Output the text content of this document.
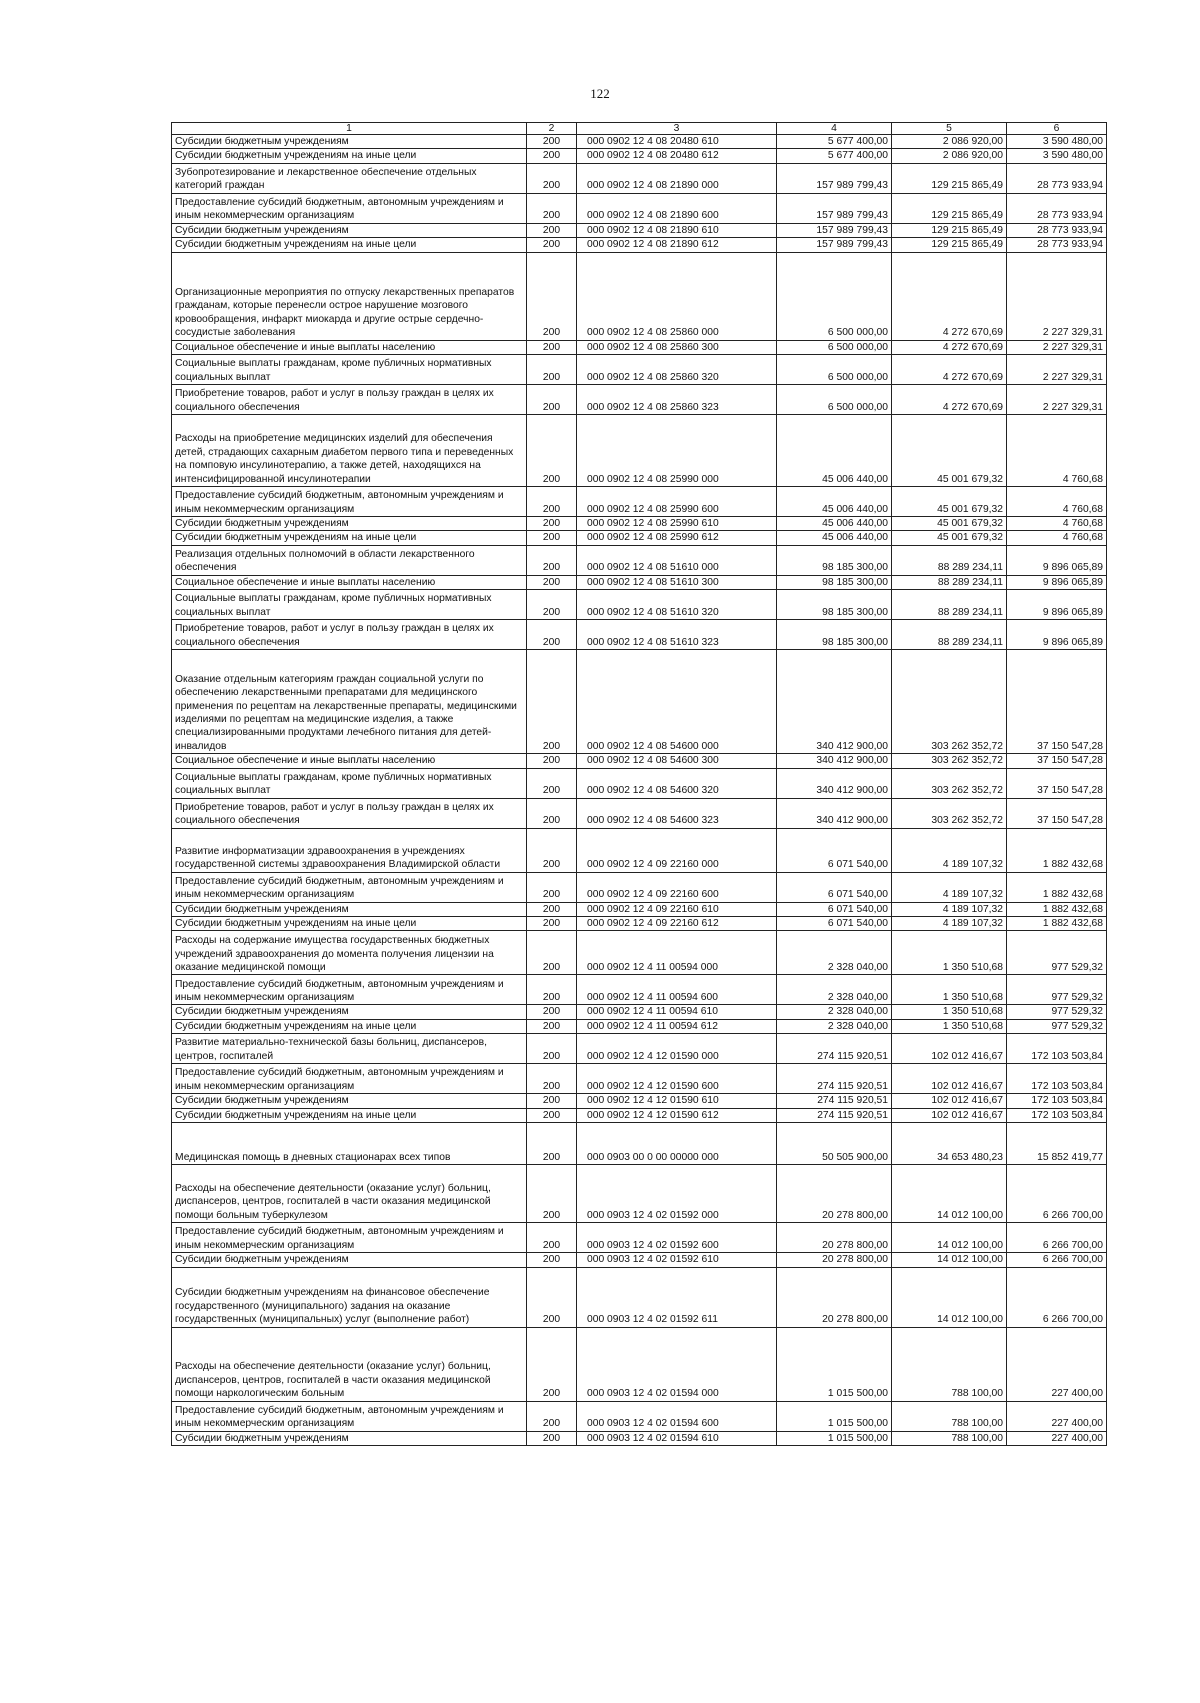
122
1	2	3	4	5	6
Субсидии бюджетным учреждениям	200	000 0902 12 4 08 20480 610	5 677 400,00	2 086 920,00	3 590 480,00
Субсидии бюджетным учреждениям на иные цели	200	000 0902 12 4 08 20480 612	5 677 400,00	2 086 920,00	3 590 480,00
Зубопротезирование и лекарственное обеспечение отдельных категорий граждан	200	000 0902 12 4 08 21890 000	157 989 799,43	129 215 865,49	28 773 933,94
Предоставление субсидий бюджетным, автономным учреждениям и иным некоммерческим организациям	200	000 0902 12 4 08 21890 600	157 989 799,43	129 215 865,49	28 773 933,94
Субсидии бюджетным учреждениям	200	000 0902 12 4 08 21890 610	157 989 799,43	129 215 865,49	28 773 933,94
Субсидии бюджетным учреждениям на иные цели	200	000 0902 12 4 08 21890 612	157 989 799,43	129 215 865,49	28 773 933,94
Организационные мероприятия по отпуску лекарственных препаратов гражданам, которые перенесли острое нарушение мозгового кровообращения, инфаркт миокарда и другие острые сердечно-сосудистые заболевания	200	000 0902 12 4 08 25860 000	6 500 000,00	4 272 670,69	2 227 329,31
Социальное обеспечение и иные выплаты населению	200	000 0902 12 4 08 25860 300	6 500 000,00	4 272 670,69	2 227 329,31
Социальные выплаты гражданам, кроме публичных нормативных социальных выплат	200	000 0902 12 4 08 25860 320	6 500 000,00	4 272 670,69	2 227 329,31
Приобретение товаров, работ и услуг в пользу граждан в целях их социального обеспечения	200	000 0902 12 4 08 25860 323	6 500 000,00	4 272 670,69	2 227 329,31
Расходы на приобретение медицинских изделий для обеспечения детей, страдающих сахарным диабетом первого типа и переведенных на помповую инсулинотерапию, а также детей, находящихся на интенсифицированной инсулинотерапии	200	000 0902 12 4 08 25990 000	45 006 440,00	45 001 679,32	4 760,68
Предоставление субсидий бюджетным, автономным учреждениям и иным некоммерческим организациям	200	000 0902 12 4 08 25990 600	45 006 440,00	45 001 679,32	4 760,68
Субсидии бюджетным учреждениям	200	000 0902 12 4 08 25990 610	45 006 440,00	45 001 679,32	4 760,68
Субсидии бюджетным учреждениям на иные цели	200	000 0902 12 4 08 25990 612	45 006 440,00	45 001 679,32	4 760,68
Реализация отдельных полномочий в области лекарственного обеспечения	200	000 0902 12 4 08 51610 000	98 185 300,00	88 289 234,11	9 896 065,89
Социальное обеспечение и иные выплаты населению	200	000 0902 12 4 08 51610 300	98 185 300,00	88 289 234,11	9 896 065,89
Социальные выплаты гражданам, кроме публичных нормативных социальных выплат	200	000 0902 12 4 08 51610 320	98 185 300,00	88 289 234,11	9 896 065,89
Приобретение товаров, работ и услуг в пользу граждан в целях их социального обеспечения	200	000 0902 12 4 08 51610 323	98 185 300,00	88 289 234,11	9 896 065,89
Оказание отдельным категориям граждан социальной услуги по обеспечению лекарственными препаратами для медицинского применения по рецептам на лекарственные препараты, медицинскими изделиями по рецептам на медицинские изделия, а также специализированными продуктами лечебного питания для детей-инвалидов	200	000 0902 12 4 08 54600 000	340 412 900,00	303 262 352,72	37 150 547,28
Социальное обеспечение и иные выплаты населению	200	000 0902 12 4 08 54600 300	340 412 900,00	303 262 352,72	37 150 547,28
Социальные выплаты гражданам, кроме публичных нормативных социальных выплат	200	000 0902 12 4 08 54600 320	340 412 900,00	303 262 352,72	37 150 547,28
Приобретение товаров, работ и услуг в пользу граждан в целях их социального обеспечения	200	000 0902 12 4 08 54600 323	340 412 900,00	303 262 352,72	37 150 547,28
Развитие информатизации здравоохранения в учреждениях государственной системы здравоохранения Владимирской области	200	000 0902 12 4 09 22160 000	6 071 540,00	4 189 107,32	1 882 432,68
Предоставление субсидий бюджетным, автономным учреждениям и иным некоммерческим организациям	200	000 0902 12 4 09 22160 600	6 071 540,00	4 189 107,32	1 882 432,68
Субсидии бюджетным учреждениям	200	000 0902 12 4 09 22160 610	6 071 540,00	4 189 107,32	1 882 432,68
Субсидии бюджетным учреждениям на иные цели	200	000 0902 12 4 09 22160 612	6 071 540,00	4 189 107,32	1 882 432,68
Расходы на содержание имущества государственных бюджетных учреждений здравоохранения до момента получения лицензии на оказание медицинской помощи	200	000 0902 12 4 11 00594 000	2 328 040,00	1 350 510,68	977 529,32
Предоставление субсидий бюджетным, автономным учреждениям и иным некоммерческим организациям	200	000 0902 12 4 11 00594 600	2 328 040,00	1 350 510,68	977 529,32
Субсидии бюджетным учреждениям	200	000 0902 12 4 11 00594 610	2 328 040,00	1 350 510,68	977 529,32
Субсидии бюджетным учреждениям на иные цели	200	000 0902 12 4 11 00594 612	2 328 040,00	1 350 510,68	977 529,32
Развитие материально-технической базы больниц, диспансеров, центров, госпиталей	200	000 0902 12 4 12 01590 000	274 115 920,51	102 012 416,67	172 103 503,84
Предоставление субсидий бюджетным, автономным учреждениям и иным некоммерческим организациям	200	000 0902 12 4 12 01590 600	274 115 920,51	102 012 416,67	172 103 503,84
Субсидии бюджетным учреждениям	200	000 0902 12 4 12 01590 610	274 115 920,51	102 012 416,67	172 103 503,84
Субсидии бюджетным учреждениям на иные цели	200	000 0902 12 4 12 01590 612	274 115 920,51	102 012 416,67	172 103 503,84
Медицинская помощь в дневных стационарах всех типов	200	000 0903 00 0 00 00000 000	50 505 900,00	34 653 480,23	15 852 419,77
Расходы на обеспечение деятельности (оказание услуг) больниц, диспансеров, центров, госпиталей в части оказания медицинской помощи больным туберкулезом	200	000 0903 12 4 02 01592 000	20 278 800,00	14 012 100,00	6 266 700,00
Предоставление субсидий бюджетным, автономным учреждениям и иным некоммерческим организациям	200	000 0903 12 4 02 01592 600	20 278 800,00	14 012 100,00	6 266 700,00
Субсидии бюджетным учреждениям	200	000 0903 12 4 02 01592 610	20 278 800,00	14 012 100,00	6 266 700,00
Субсидии бюджетным учреждениям на финансовое обеспечение государственного (муниципального) задания на оказание государственных (муниципальных) услуг (выполнение работ)	200	000 0903 12 4 02 01592 611	20 278 800,00	14 012 100,00	6 266 700,00
Расходы на обеспечение деятельности (оказание услуг) больниц, диспансеров, центров, госпиталей в части оказания медицинской помощи наркологическим больным	200	000 0903 12 4 02 01594 000	1 015 500,00	788 100,00	227 400,00
Предоставление субсидий бюджетным, автономным учреждениям и иным некоммерческим организациям	200	000 0903 12 4 02 01594 600	1 015 500,00	788 100,00	227 400,00
Субсидии бюджетным учреждениям	200	000 0903 12 4 02 01594 610	1 015 500,00	788 100,00	227 400,00
